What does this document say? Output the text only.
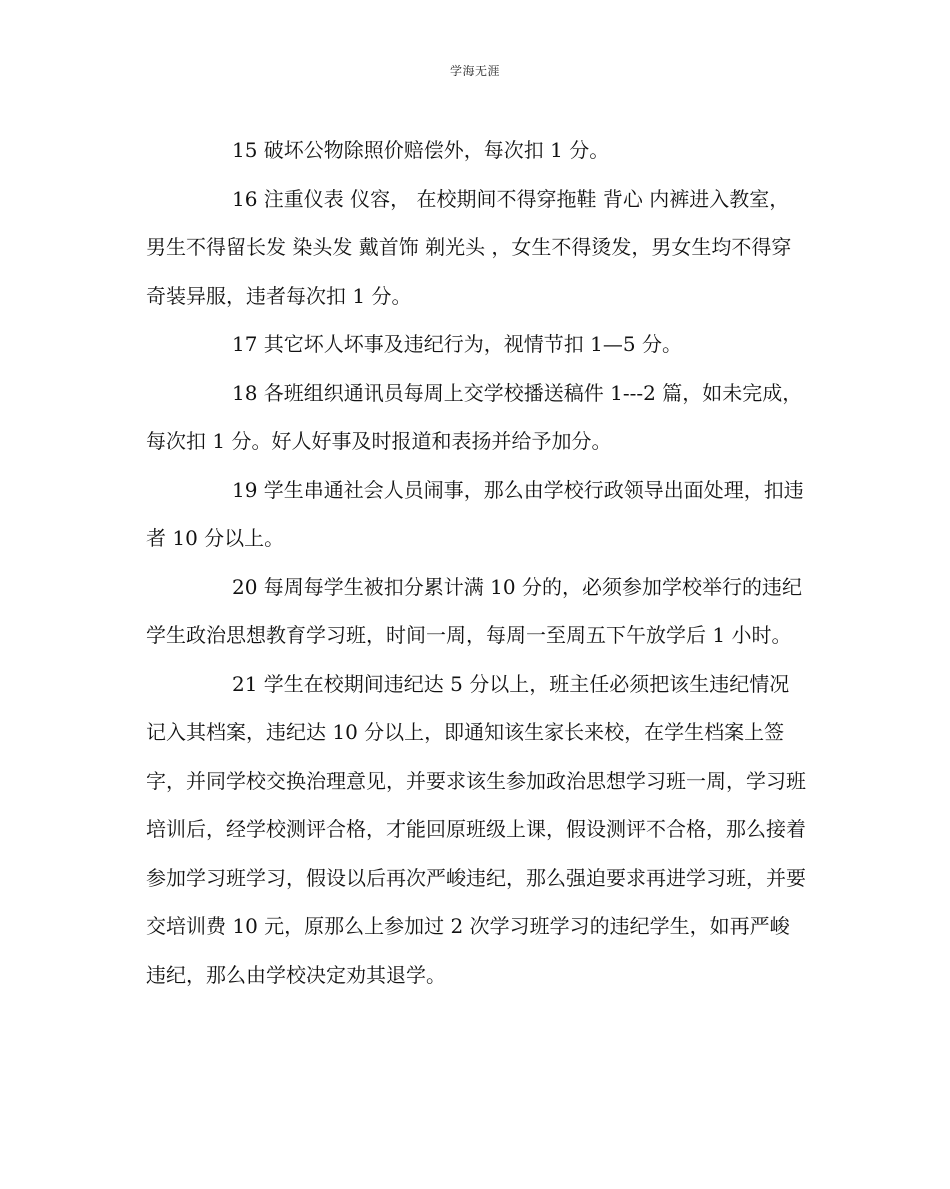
学海无涯

15 破坏公物除照价赔偿外，每次扣 1 分。

16 注重仪表 仪容， 在校期间不得穿拖鞋 背心 内裤进入教室，男生不得留长发 染头发 戴首饰 剃光头 ，女生不得烫发，男女生均不得穿奇装异服，违者每次扣 1 分。

17 其它坏人坏事及违纪行为，视情节扣 1—5 分。

18 各班组织通讯员每周上交学校播送稿件 1---2 篇，如未完成，每次扣 1 分。好人好事及时报道和表扬并给予加分。

19 学生串通社会人员闹事，那么由学校行政领导出面处理，扣违者 10 分以上。

20 每周每学生被扣分累计满 10 分的，必须参加学校举行的违纪学生政治思想教育学习班，时间一周，每周一至周五下午放学后 1 小时。

21 学生在校期间违纪达 5 分以上，班主任必须把该生违纪情况记入其档案，违纪达 10 分以上，即通知该生家长来校，在学生档案上签字，并同学校交换治理意见，并要求该生参加政治思想学习班一周，学习班培训后，经学校测评合格，才能回原班级上课，假设测评不合格，那么接着参加学习班学习，假设以后再次严峻违纪，那么强迫要求再进学习班，并要交培训费 10 元，原那么上参加过 2 次学习班学习的违纪学生，如再严峻违纪，那么由学校决定劝其退学。
